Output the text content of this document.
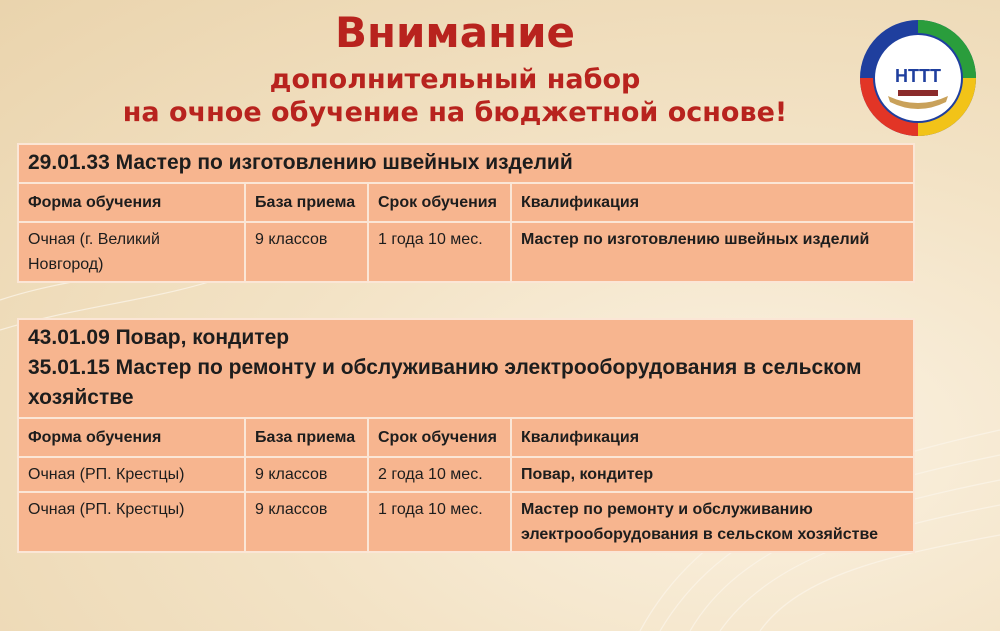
Внимание
дополнительный набор
на очное обучение на бюджетной основе!
НТТТ
29.01.33 Мастер по изготовлению швейных изделий			
Форма обучения	База приема	Срок обучения	Квалификация
Очная (г. Великий Новгород)	9 классов	1 года 10 мес.	Мастер по изготовлению швейных изделий
43.01.09 Повар, кондитер
35.01.15 Мастер по ремонту и обслуживанию электрооборудования в сельском хозяйстве			

Форма обучения	База приема	Срок обучения	Квалификация
Очная (РП. Крестцы)	9 классов	2 года 10 мес.	Повар, кондитер
Очная (РП. Крестцы)	9 классов	1 года 10 мес.	Мастер по ремонту и обслуживанию электрооборудования в сельском хозяйстве
